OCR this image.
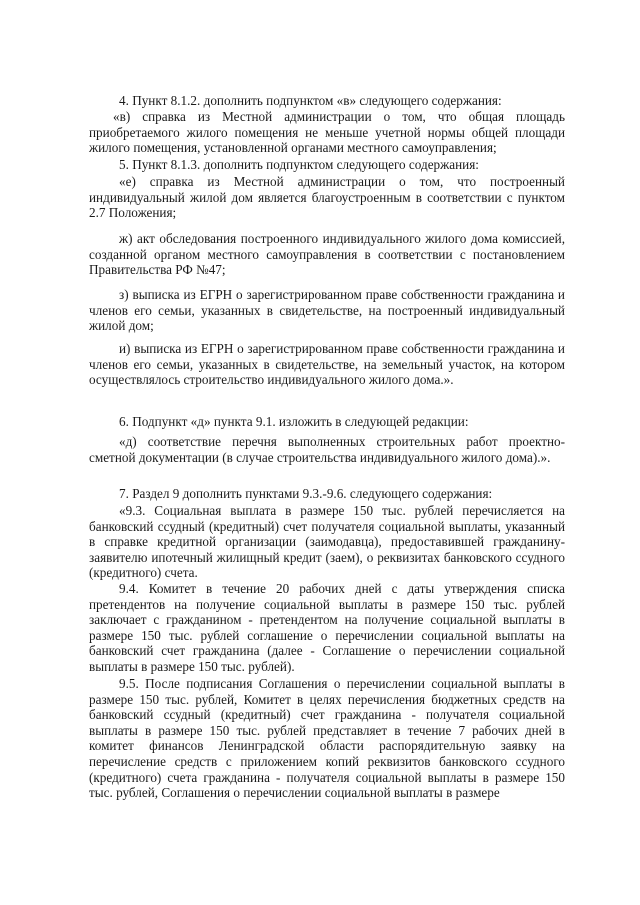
4. Пункт 8.1.2. дополнить подпунктом «в» следующего содержания:

«в) справка из Местной администрации о том, что общая площадь приобретаемого жилого помещения не меньше учетной нормы общей площади жилого помещения, установленной органами местного самоуправления;

5. Пункт 8.1.3. дополнить подпунктом следующего содержания:

«е) справка из Местной администрации о том, что построенный индивидуальный жилой дом является благоустроенным в соответствии с пунктом 2.7 Положения;

ж) акт обследования построенного индивидуального жилого дома комиссией, созданной органом местного самоуправления в соответствии с постановлением Правительства РФ №47;

з) выписка из ЕГРН о зарегистрированном праве собственности гражданина и членов его семьи, указанных в свидетельстве, на построенный индивидуальный жилой дом;

и) выписка из ЕГРН о зарегистрированном праве собственности гражданина и членов его семьи, указанных в свидетельстве, на земельный участок, на котором осуществлялось строительство индивидуального жилого дома.».

6. Подпункт «д» пункта 9.1. изложить в следующей редакции:

«д) соответствие перечня выполненных строительных работ проектно-сметной документации (в случае строительства индивидуального жилого дома).».

7. Раздел 9 дополнить пунктами 9.3.-9.6. следующего содержания:

«9.3. Социальная выплата в размере 150 тыс. рублей перечисляется на банковский ссудный (кредитный) счет получателя социальной выплаты, указанный в справке кредитной организации (заимодавца), предоставившей гражданину-заявителю ипотечный жилищный кредит (заем), о реквизитах банковского ссудного (кредитного) счета.

9.4. Комитет в течение 20 рабочих дней с даты утверждения списка претендентов на получение социальной выплаты в размере 150 тыс. рублей заключает с гражданином - претендентом на получение социальной выплаты в размере 150 тыс. рублей соглашение о перечислении социальной выплаты на банковский счет гражданина (далее - Соглашение о перечислении социальной выплаты в размере 150 тыс. рублей).

9.5. После подписания Соглашения о перечислении социальной выплаты в размере 150 тыс. рублей, Комитет в целях перечисления бюджетных средств на банковский ссудный (кредитный) счет гражданина - получателя социальной выплаты в размере 150 тыс. рублей представляет в течение 7 рабочих дней в комитет финансов Ленинградской области распорядительную заявку на перечисление средств с приложением копий реквизитов банковского ссудного (кредитного) счета гражданина - получателя социальной выплаты в размере 150 тыс. рублей, Соглашения о перечислении социальной выплаты в размере
